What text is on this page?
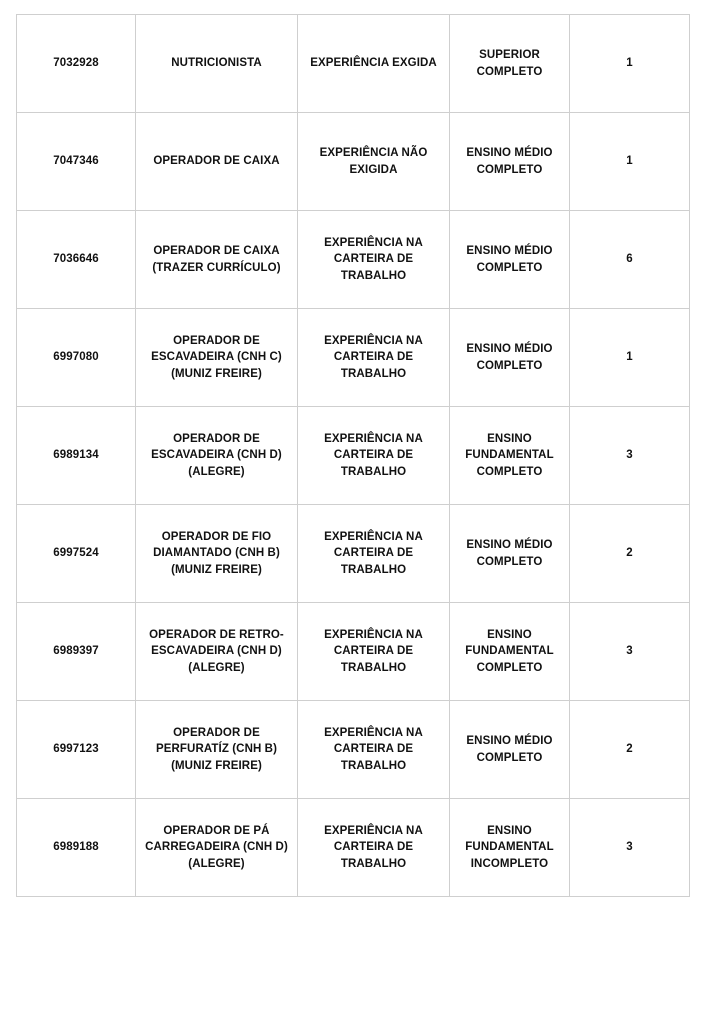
7032928	NUTRICIONISTA	EXPERIÊNCIA EXGIDA	SUPERIOR COMPLETO	1
7047346	OPERADOR DE CAIXA	EXPERIÊNCIA NÃO EXIGIDA	ENSINO MÉDIO COMPLETO	1
7036646	OPERADOR DE CAIXA (TRAZER CURRÍCULO)	EXPERIÊNCIA NA CARTEIRA DE TRABALHO	ENSINO MÉDIO COMPLETO	6
6997080	OPERADOR DE ESCAVADEIRA (CNH C) (MUNIZ FREIRE)	EXPERIÊNCIA NA CARTEIRA DE TRABALHO	ENSINO MÉDIO COMPLETO	1
6989134	OPERADOR DE ESCAVADEIRA (CNH D) (ALEGRE)	EXPERIÊNCIA NA CARTEIRA DE TRABALHO	ENSINO FUNDAMENTAL COMPLETO	3
6997524	OPERADOR DE FIO DIAMANTADO (CNH B) (MUNIZ FREIRE)	EXPERIÊNCIA NA CARTEIRA DE TRABALHO	ENSINO MÉDIO COMPLETO	2
6989397	OPERADOR DE RETRO-ESCAVADEIRA (CNH D) (ALEGRE)	EXPERIÊNCIA NA CARTEIRA DE TRABALHO	ENSINO FUNDAMENTAL COMPLETO	3
6997123	OPERADOR DE PERFURATÍZ (CNH B) (MUNIZ FREIRE)	EXPERIÊNCIA NA CARTEIRA DE TRABALHO	ENSINO MÉDIO COMPLETO	2
6989188	OPERADOR DE PÁ CARREGADEIRA (CNH D) (ALEGRE)	EXPERIÊNCIA NA CARTEIRA DE TRABALHO	ENSINO FUNDAMENTAL INCOMPLETO	3
